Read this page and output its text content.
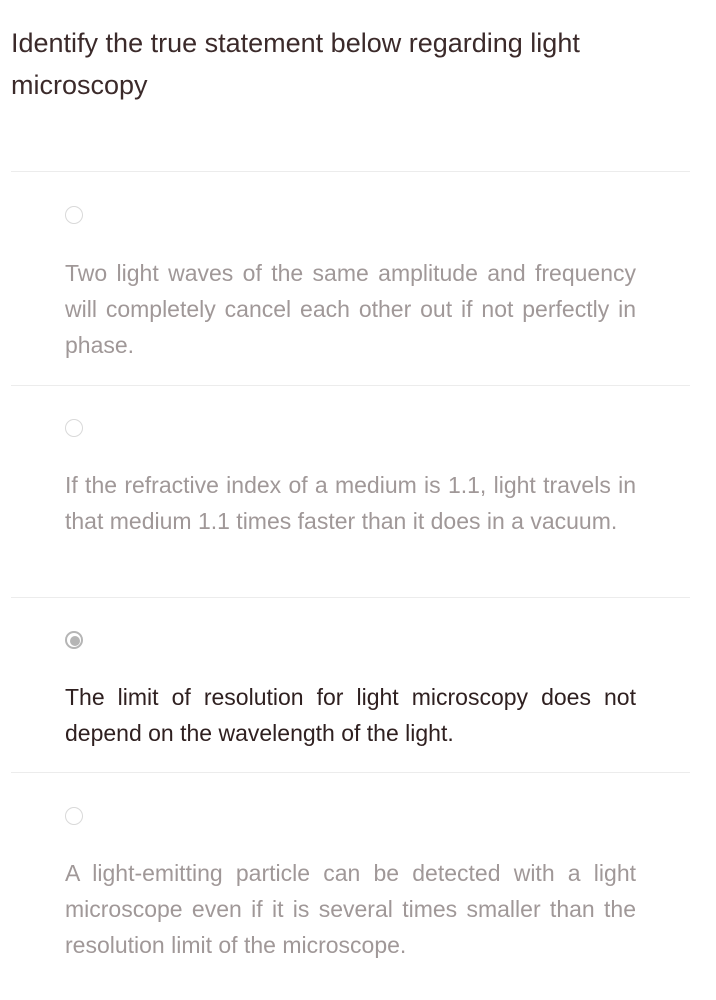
Identify the true statement below regarding light microscopy
Two light waves of the same amplitude and frequency will completely cancel each other out if not perfectly in phase.
If the refractive index of a medium is 1.1, light travels in that medium 1.1 times faster than it does in a vacuum.
The limit of resolution for light microscopy does not depend on the wavelength of the light.
A light-emitting particle can be detected with a light microscope even if it is several times smaller than the resolution limit of the microscope.
